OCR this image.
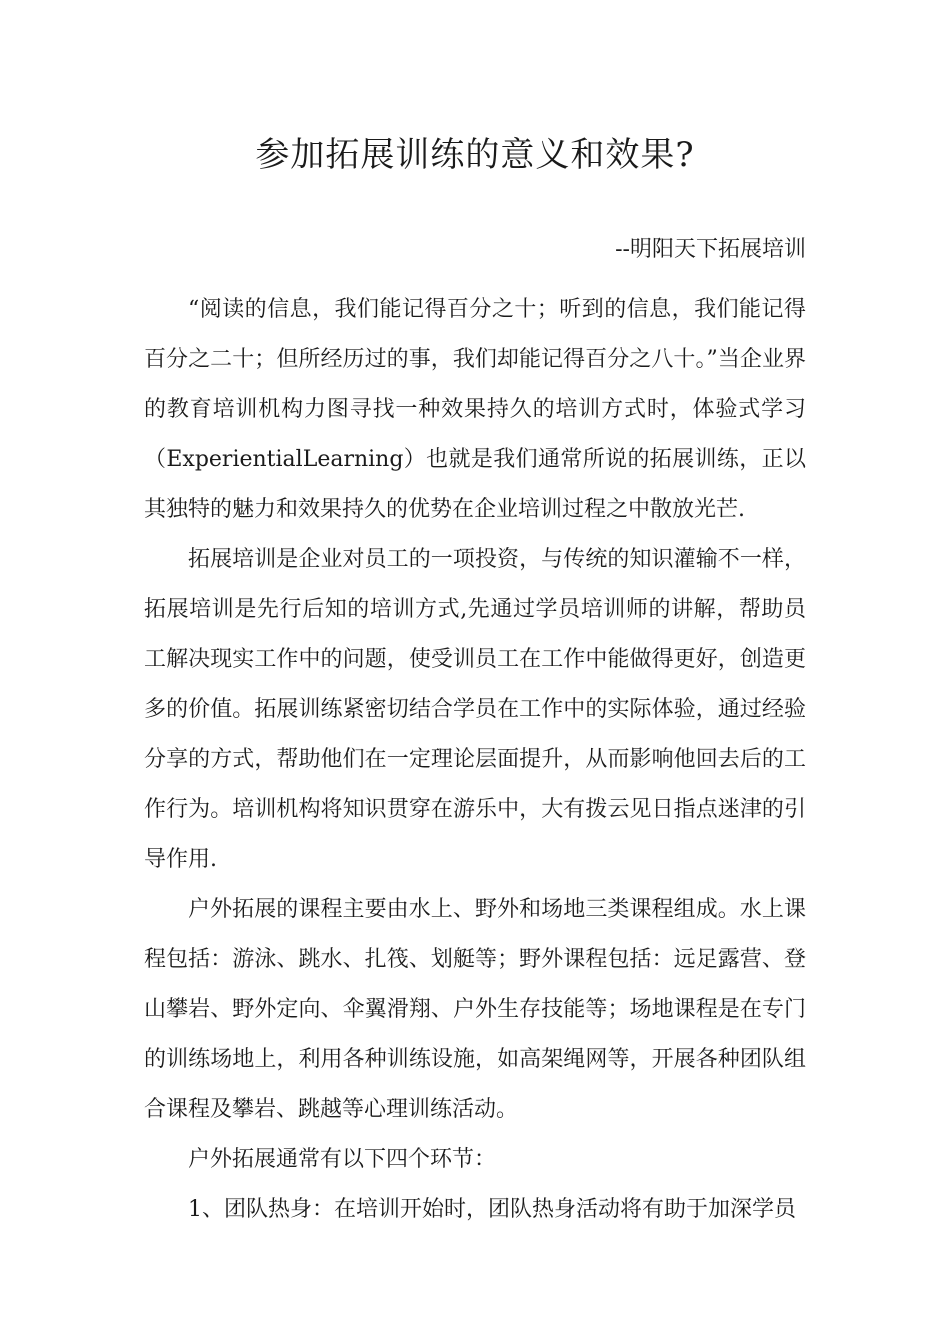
参加拓展训练的意义和效果?

--明阳天下拓展培训

“阅读的信息，我们能记得百分之十；听到的信息，我们能记得百分之二十；但所经历过的事，我们却能记得百分之八十。”当企业界的教育培训机构力图寻找一种效果持久的培训方式时，体验式学习（ExperientialLearning）也就是我们通常所说的拓展训练，正以其独特的魅力和效果持久的优势在企业培训过程之中散放光芒.

拓展培训是企业对员工的一项投资，与传统的知识灌输不一样，拓展培训是先行后知的培训方式,先通过学员培训师的讲解，帮助员工解决现实工作中的问题，使受训员工在工作中能做得更好，创造更多的价值。拓展训练紧密切结合学员在工作中的实际体验，通过经验分享的方式，帮助他们在一定理论层面提升，从而影响他回去后的工作行为。培训机构将知识贯穿在游乐中，大有拨云见日指点迷津的引导作用.

户外拓展的课程主要由水上、野外和场地三类课程组成。水上课程包括：游泳、跳水、扎筏、划艇等；野外课程包括：远足露营、登山攀岩、野外定向、伞翼滑翔、户外生存技能等；场地课程是在专门的训练场地上，利用各种训练设施，如高架绳网等，开展各种团队组合课程及攀岩、跳越等心理训练活动。

户外拓展通常有以下四个环节：

1、团队热身：在培训开始时，团队热身活动将有助于加深学员
